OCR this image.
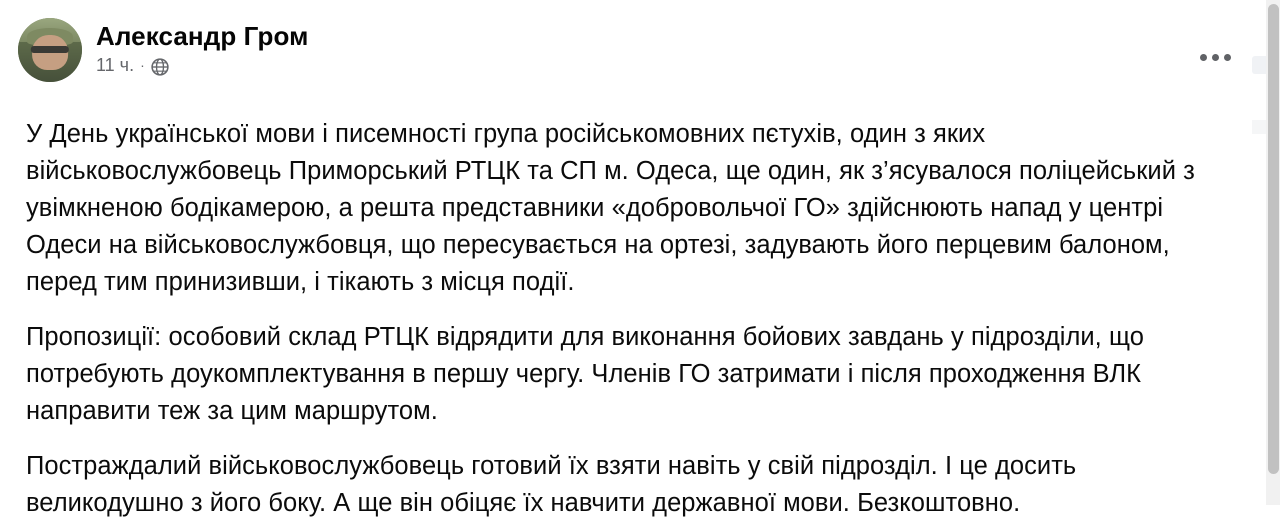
Александр Гром
11 ч. ·

У День української мови і писемності група російськомовних пєтухів, один з яких військовослужбовець Приморський РТЦК та СП м. Одеса, ще один, як з’ясувалося поліцейський з увімкненою бодікамерою, а решта представники «добровольчої ГО» здійснюють напад у центрі Одеси на військовослужбовця, що пересувається на ортезі, задувають його перцевим балоном, перед тим принизивши, і тікають з місця події.

Пропозиції: особовий склад РТЦК відрядити для виконання бойових завдань у підрозділи, що потребують доукомплектування в першу чергу. Членів ГО затримати і після проходження ВЛК направити теж за цим маршрутом.

Постраждалий військовослужбовець готовий їх взяти навіть у свій підрозділ. І це досить великодушно з його боку. А ще він обіцяє їх навчити державної мови. Безкоштовно.
